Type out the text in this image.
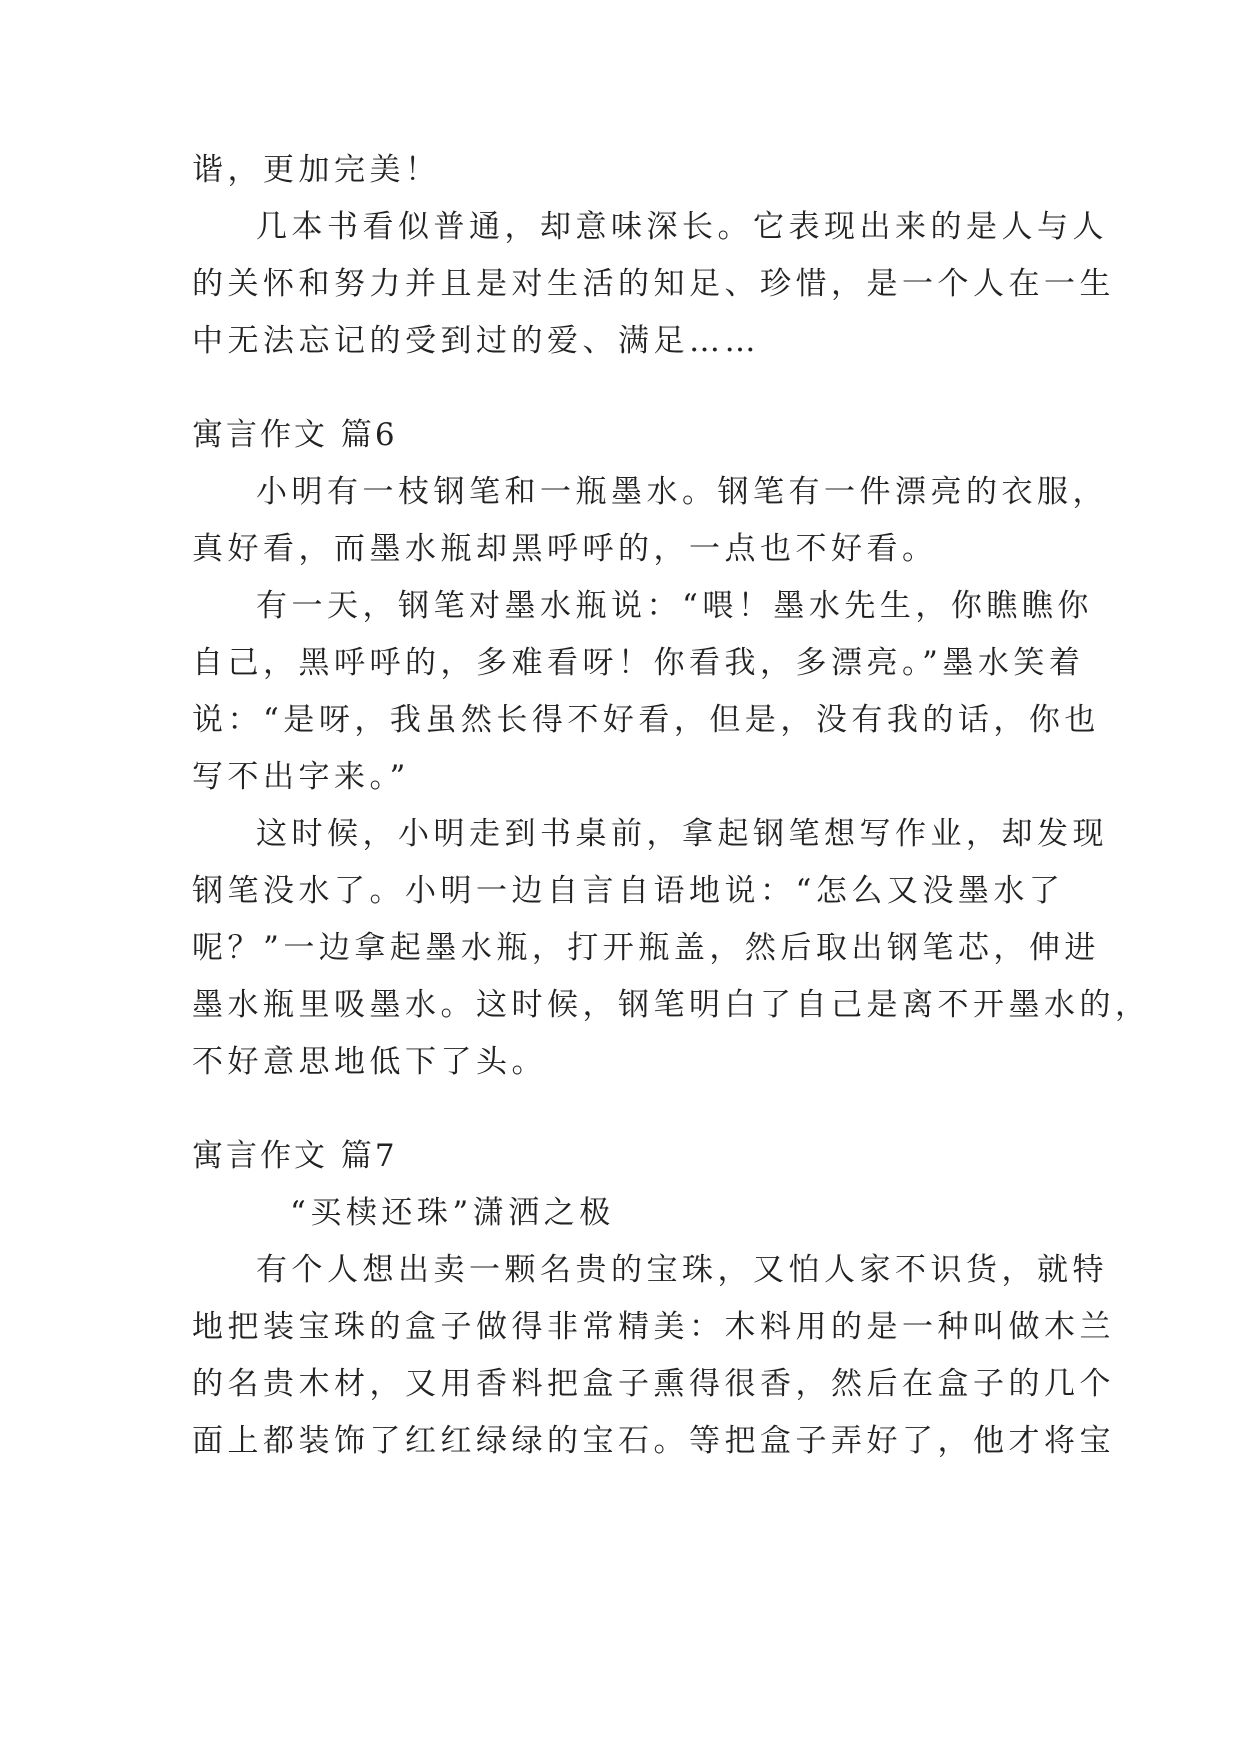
谐，更加完美！
几本书看似普通，却意味深长。它表现出来的是人与人
的关怀和努力并且是对生活的知足、珍惜，是一个人在一生
中无法忘记的受到过的爱、满足……
寓言作文 篇6
小明有一枝钢笔和一瓶墨水。钢笔有一件漂亮的衣服，
真好看，而墨水瓶却黑呼呼的，一点也不好看。
有一天，钢笔对墨水瓶说：“喂！墨水先生，你瞧瞧你
自己，黑呼呼的，多难看呀！你看我，多漂亮。”墨水笑着
说：“是呀，我虽然长得不好看，但是，没有我的话，你也
写不出字来。”
这时候，小明走到书桌前，拿起钢笔想写作业，却发现
钢笔没水了。小明一边自言自语地说：“怎么又没墨水了
呢？”一边拿起墨水瓶，打开瓶盖，然后取出钢笔芯，伸进
墨水瓶里吸墨水。这时候，钢笔明白了自己是离不开墨水的，
不好意思地低下了头。
寓言作文 篇7
“买椟还珠”潇洒之极
有个人想出卖一颗名贵的宝珠，又怕人家不识货，就特
地把装宝珠的盒子做得非常精美：木料用的是一种叫做木兰
的名贵木材，又用香料把盒子熏得很香，然后在盒子的几个
面上都装饰了红红绿绿的宝石。等把盒子弄好了，他才将宝
